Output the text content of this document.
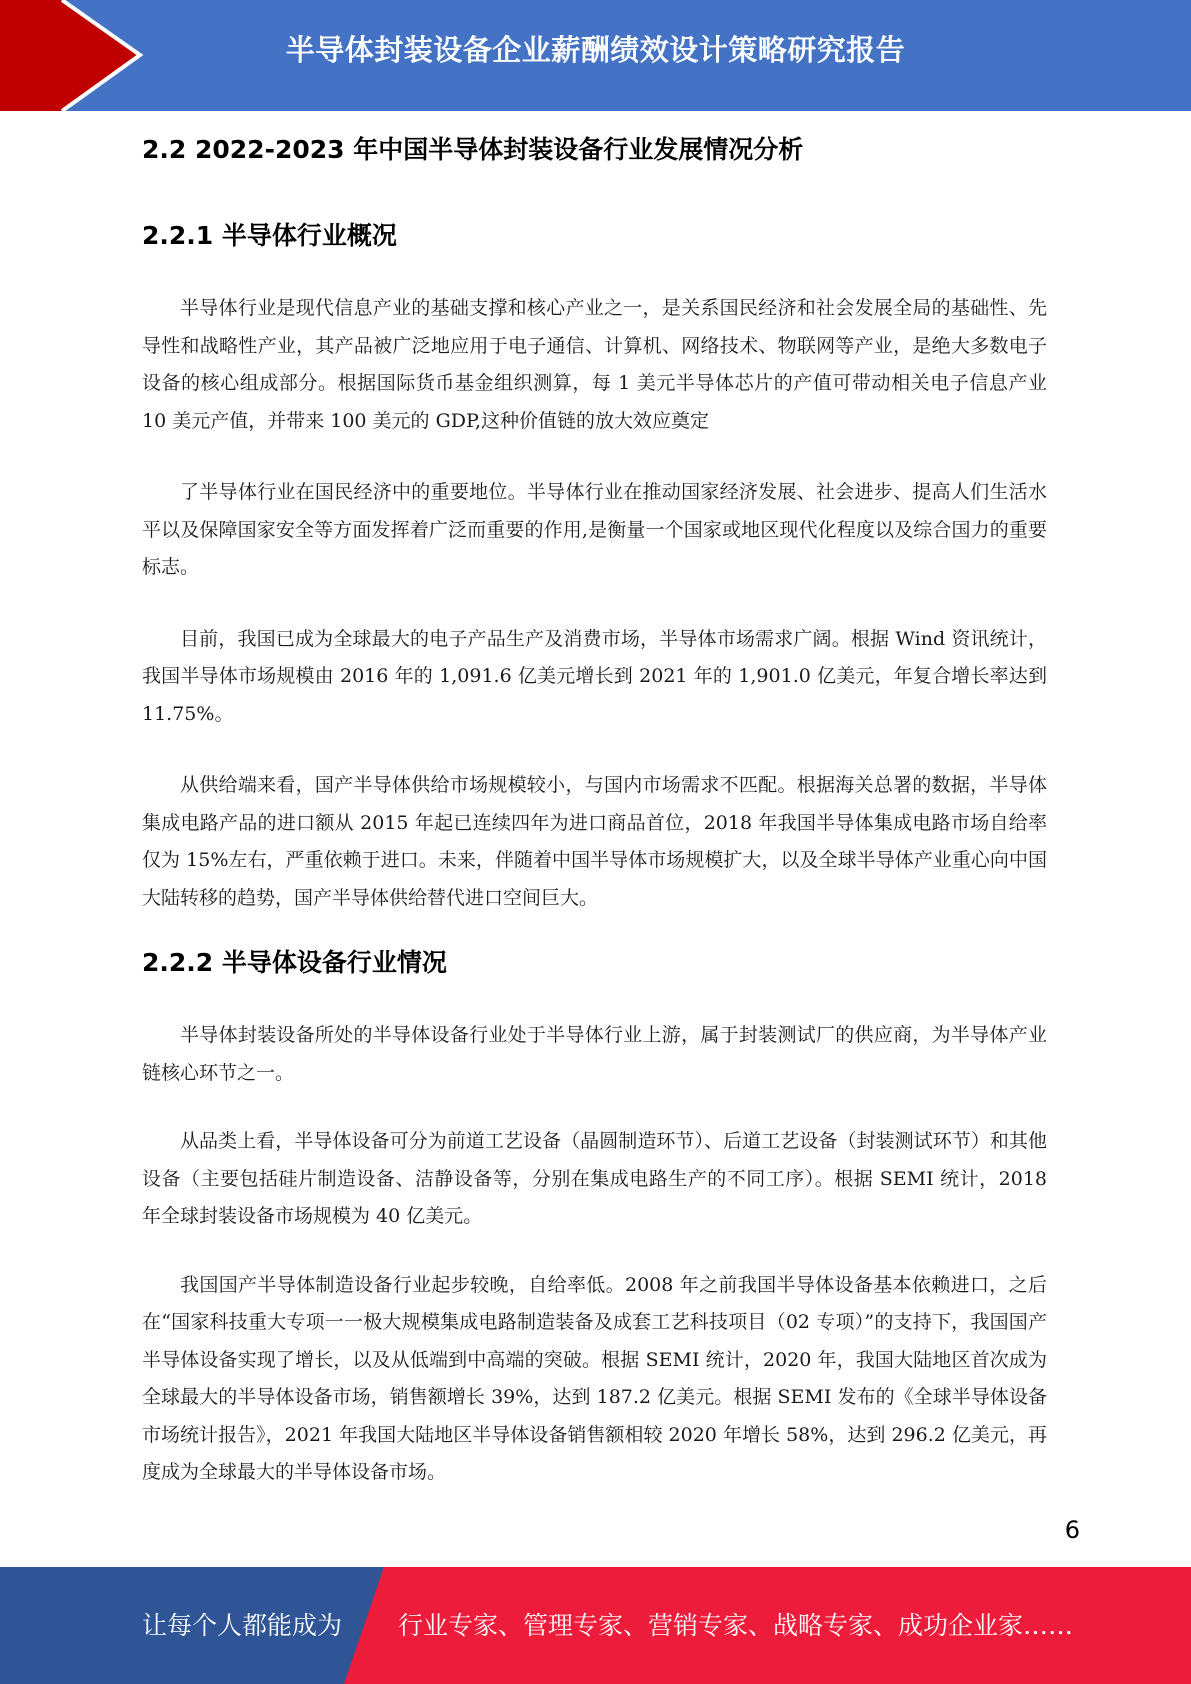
半导体封装设备企业薪酬绩效设计策略研究报告
2.2 2022-2023 年中国半导体封装设备行业发展情况分析
2.2.1 半导体行业概况

半导体行业是现代信息产业的基础支撑和核心产业之一，是关系国民经济和社会发展全局的基础性、先导性和战略性产业，其产品被广泛地应用于电子通信、计算机、网络技术、物联网等产业，是绝大多数电子设备的核心组成部分。根据国际货币基金组织测算，每 1 美元半导体芯片的产值可带动相关电子信息产业 10 美元产值，并带来 100 美元的 GDP,这种价值链的放大效应奠定

了半导体行业在国民经济中的重要地位。半导体行业在推动国家经济发展、社会进步、提高人们生活水平以及保障国家安全等方面发挥着广泛而重要的作用,是衡量一个国家或地区现代化程度以及综合国力的重要标志。

目前，我国已成为全球最大的电子产品生产及消费市场，半导体市场需求广阔。根据 Wind 资讯统计，我国半导体市场规模由 2016 年的 1,091.6 亿美元增长到 2021 年的 1,901.0 亿美元，年复合增长率达到 11.75%。

从供给端来看，国产半导体供给市场规模较小，与国内市场需求不匹配。根据海关总署的数据，半导体集成电路产品的进口额从 2015 年起已连续四年为进口商品首位，2018 年我国半导体集成电路市场自给率仅为 15%左右，严重依赖于进口。未来，伴随着中国半导体市场规模扩大，以及全球半导体产业重心向中国大陆转移的趋势，国产半导体供给替代进口空间巨大。

2.2.2 半导体设备行业情况

半导体封装设备所处的半导体设备行业处于半导体行业上游，属于封装测试厂的供应商，为半导体产业链核心环节之一。

从品类上看，半导体设备可分为前道工艺设备（晶圆制造环节）、后道工艺设备（封装测试环节）和其他设备（主要包括硅片制造设备、洁静设备等，分别在集成电路生产的不同工序）。根据 SEMI 统计，2018 年全球封装设备市场规模为 40 亿美元。

我国国产半导体制造设备行业起步较晚，自给率低。2008 年之前我国半导体设备基本依赖进口，之后在“国家科技重大专项一一极大规模集成电路制造装备及成套工艺科技项目（02 专项）”的支持下，我国国产半导体设备实现了增长，以及从低端到中高端的突破。根据 SEMI 统计，2020 年，我国大陆地区首次成为全球最大的半导体设备市场，销售额增长 39%，达到 187.2 亿美元。根据 SEMI 发布的《全球半导体设备市场统计报告》，2021 年我国大陆地区半导体设备销售额相较 2020 年增长 58%，达到 296.2 亿美元，再度成为全球最大的半导体设备市场。

6
让每个人都能成为 行业专家、管理专家、营销专家、战略专家、成功企业家……
